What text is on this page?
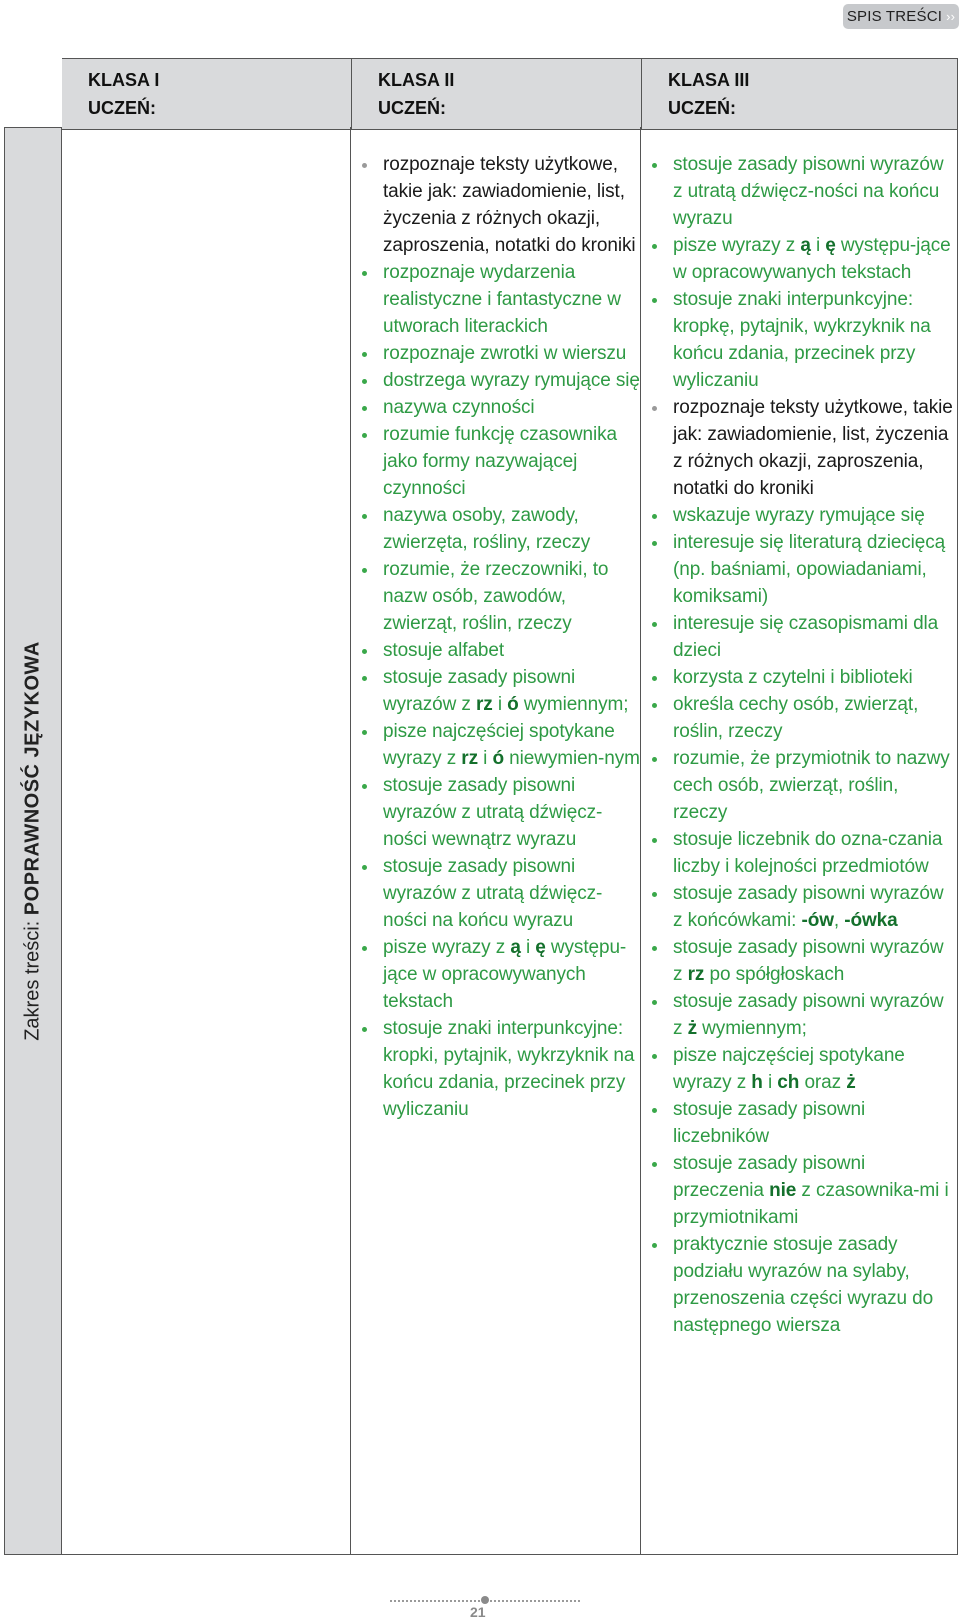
SPIS TREŚCI ››
KLASA I
UCZEŃ:
KLASA II
UCZEŃ:
KLASA III
UCZEŃ:
Zakres treści: POPRAWNOŚĆ JĘZYKOWA
rozpoznaje teksty użytkowe, takie jak: zawiadomienie, list, życzenia z różnych okazji, zaproszenia, notatki do kroniki
rozpoznaje wydarzenia realistyczne i fantastyczne w utworach literackich
rozpoznaje zwrotki w wierszu
dostrzega wyrazy rymujące się
nazywa czynności
rozumie funkcję czasownika jako formy nazywającej czynności
nazywa osoby, zawody, zwierzęta, rośliny, rzeczy
rozumie, że rzeczowniki, to nazw osób, zawodów, zwierząt, roślin, rzeczy
stosuje alfabet
stosuje zasady pisowni wyrazów z rz i ó wymiennym;
pisze najczęściej spotykane wyrazy z rz i ó niewymien-nym
stosuje zasady pisowni wyrazów z utratą dźwięcz-ności wewnątrz wyrazu
stosuje zasady pisowni wyrazów z utratą dźwięcz-ności na końcu wyrazu
pisze wyrazy z ą i ę występu-jące w opracowywanych tekstach
stosuje znaki interpunkcyjne: kropki, pytajnik, wykrzyknik na końcu zdania, przecinek przy wyliczaniu
stosuje zasady pisowni wyrazów z utratą dźwięcz-ności na końcu wyrazu
pisze wyrazy z ą i ę występu-jące w opracowywanych tekstach
stosuje znaki interpunkcyjne: kropkę, pytajnik, wykrzyknik na końcu zdania, przecinek przy wyliczaniu
rozpoznaje teksty użytkowe, takie jak: zawiadomienie, list, życzenia z różnych okazji, zaproszenia, notatki do kroniki
wskazuje wyrazy rymujące się
interesuje się literaturą dziecięcą (np. baśniami, opowiadaniami, komiksami)
interesuje się czasopismami dla dzieci
korzysta z czytelni i biblioteki
określa cechy osób, zwierząt, roślin, rzeczy
rozumie, że przymiotnik to nazwy cech osób, zwierząt, roślin, rzeczy
stosuje liczebnik do ozna-czania liczby i kolejności przedmiotów
stosuje zasady pisowni wyrazów z końcówkami: -ów, -ówka
stosuje zasady pisowni wyrazów z rz po spółgłoskach
stosuje zasady pisowni wyrazów z ż wymiennym;
pisze najczęściej spotykane wyrazy z h i ch oraz ż
stosuje zasady pisowni liczebników
stosuje zasady pisowni przeczenia nie z czasownika-mi i przymiotnikami
praktycznie stosuje zasady podziału wyrazów na sylaby, przenoszenia części wyrazu do następnego wiersza
21
